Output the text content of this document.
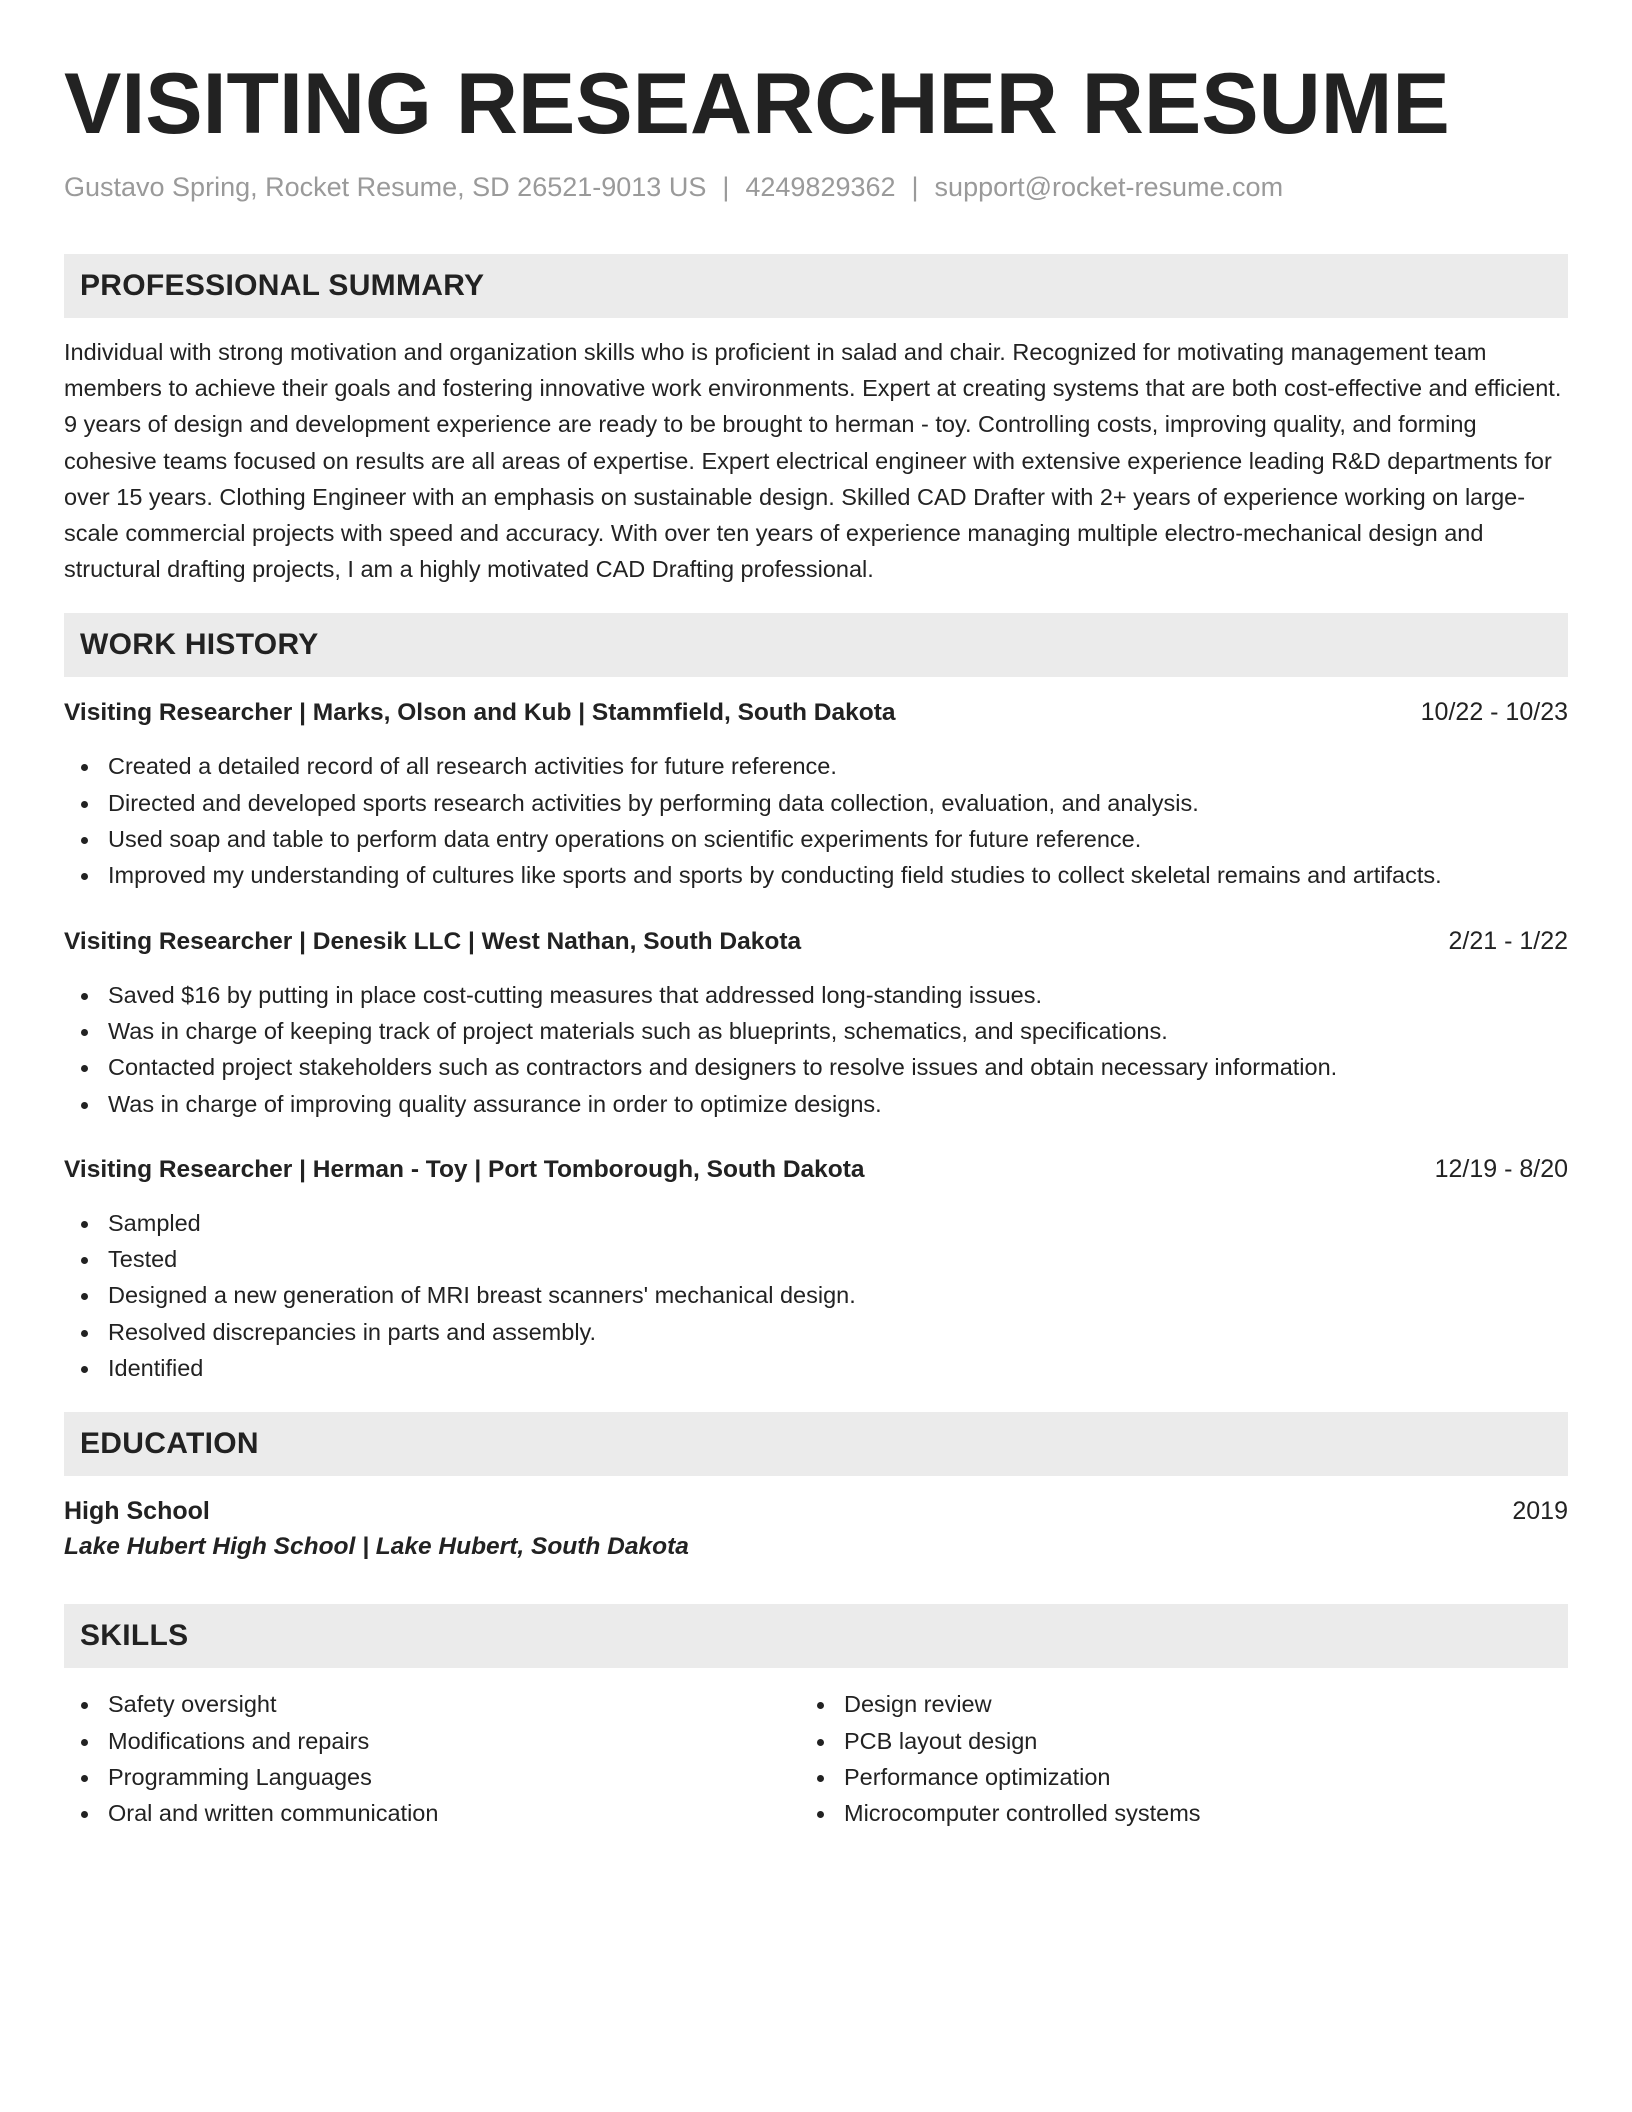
VISITING RESEARCHER RESUME
Gustavo Spring, Rocket Resume, SD 26521-9013 US | 4249829362 | support@rocket-resume.com
PROFESSIONAL SUMMARY
Individual with strong motivation and organization skills who is proficient in salad and chair. Recognized for motivating management team members to achieve their goals and fostering innovative work environments. Expert at creating systems that are both cost-effective and efficient. 9 years of design and development experience are ready to be brought to herman - toy. Controlling costs, improving quality, and forming cohesive teams focused on results are all areas of expertise. Expert electrical engineer with extensive experience leading R&D departments for over 15 years. Clothing Engineer with an emphasis on sustainable design. Skilled CAD Drafter with 2+ years of experience working on large-scale commercial projects with speed and accuracy. With over ten years of experience managing multiple electro-mechanical design and structural drafting projects, I am a highly motivated CAD Drafting professional.
WORK HISTORY
Visiting Researcher | Marks, Olson and Kub | Stammfield, South Dakota	10/22 - 10/23
Created a detailed record of all research activities for future reference.
Directed and developed sports research activities by performing data collection, evaluation, and analysis.
Used soap and table to perform data entry operations on scientific experiments for future reference.
Improved my understanding of cultures like sports and sports by conducting field studies to collect skeletal remains and artifacts.
Visiting Researcher | Denesik LLC | West Nathan, South Dakota	2/21 - 1/22
Saved $16 by putting in place cost-cutting measures that addressed long-standing issues.
Was in charge of keeping track of project materials such as blueprints, schematics, and specifications.
Contacted project stakeholders such as contractors and designers to resolve issues and obtain necessary information.
Was in charge of improving quality assurance in order to optimize designs.
Visiting Researcher | Herman - Toy | Port Tomborough, South Dakota	12/19 - 8/20
Sampled
Tested
Designed a new generation of MRI breast scanners' mechanical design.
Resolved discrepancies in parts and assembly.
Identified
EDUCATION
High School	2019
Lake Hubert High School | Lake Hubert, South Dakota
SKILLS
Safety oversight
Modifications and repairs
Programming Languages
Oral and written communication
Design review
PCB layout design
Performance optimization
Microcomputer controlled systems
